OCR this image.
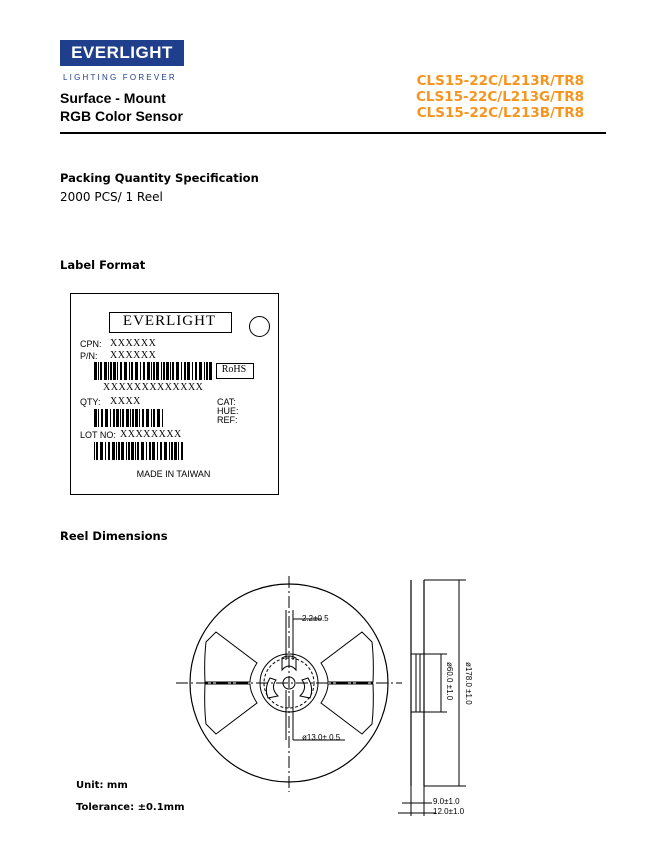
EVERLIGHT
LIGHTING FOREVER
Surface - Mount
RGB Color Sensor
CLS15-22C/L213R/TR8
CLS15-22C/L213G/TR8
CLS15-22C/L213B/TR8
Packing Quantity Specification
2000 PCS/ 1 Reel
Label Format
EVERLIGHT
CPN: XXXXXX
P/N: XXXXXX
RoHS
XXXXXXXXXXXXX
QTY: XXXX	CAT:
HUE:
REF:
LOT NO: XXXXXXXX
MADE IN TAIWAN
Reel Dimensions
2.2±0.5
ø13.0± 0.5
ø60.0 ±1.0	ø178.0 ±1.0
9.0±1.0
12.0±1.0
Unit: mm
Tolerance: ±0.1mm
